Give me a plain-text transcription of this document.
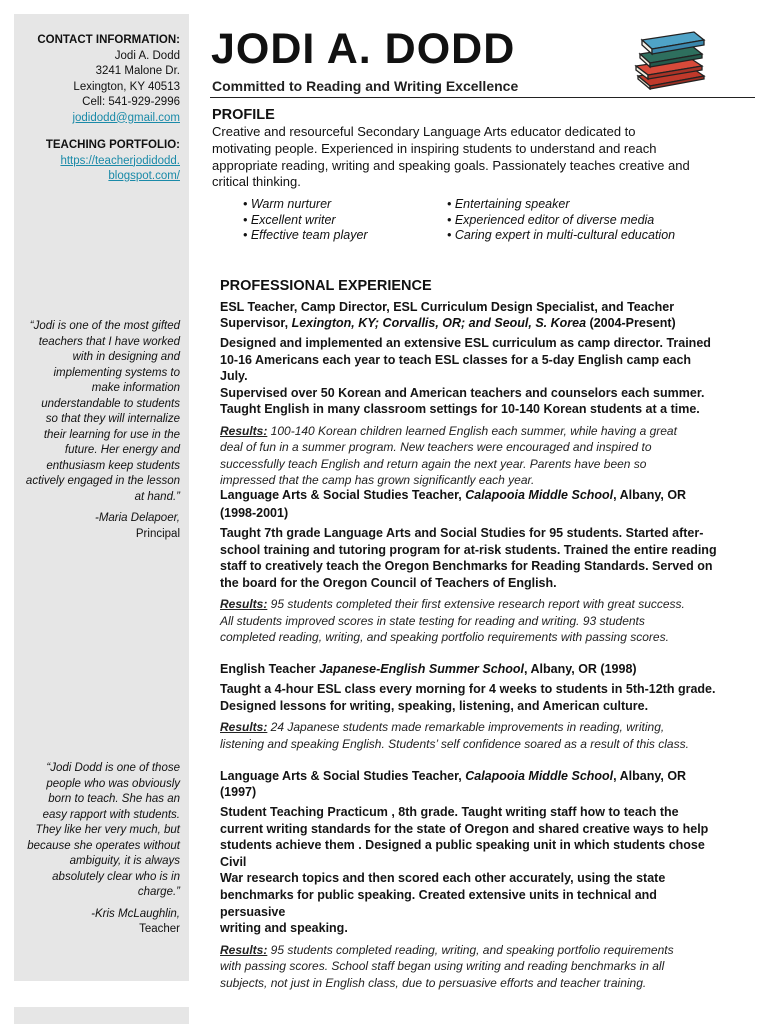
CONTACT INFORMATION:
Jodi A. Dodd
3241 Malone Dr.
Lexington, KY 40513
Cell: 541-929-2996
jodidodd@gmail.com
TEACHING PORTFOLIO:
https://teacherjodidodd.
blogspot.com/
“Jodi is one of the most gifted
teachers that I have worked
with in designing and
implementing systems to
make information
understandable to students
so that they will internalize
their learning for use in the
future. Her energy and
enthusiasm keep students
actively engaged in the lesson
at hand.”
-Maria Delapoer,
Principal
“Jodi Dodd is one of those
people who was obviously
born to teach. She has an
easy rapport with students.
They like her very much, but
because she operates without
ambiguity, it is always
absolutely clear who is in
charge.”
-Kris McLaughlin,
Teacher
JODI A. DODD
Committed to Reading and Writing Excellence
PROFILE
Creative and resourceful Secondary Language Arts educator dedicated to
motivating people. Experienced in inspiring students to understand and reach
appropriate reading, writing and speaking goals. Passionately teaches creative and
critical thinking.
• Warm nurturer
• Excellent writer
• Effective team player
• Entertaining speaker
• Experienced editor of diverse media
• Caring expert in multi-cultural education
PROFESSIONAL EXPERIENCE
ESL Teacher, Camp Director, ESL Curriculum Design Specialist, and Teacher
Supervisor, Lexington, KY; Corvallis, OR; and Seoul, S. Korea (2004-Present)
Designed and implemented an extensive ESL curriculum as camp director. Trained
10-16 Americans each year to teach ESL classes for a 5-day English camp each July.
Supervised over 50 Korean and American teachers and counselors each summer.
Taught English in many classroom settings for 10-140 Korean students at a time.
Results: 100-140 Korean children learned English each summer, while having a great
deal of fun in a summer program. New teachers were encouraged and inspired to
successfully teach English and return again the next year. Parents have been so
impressed that the camp has grown significantly each year.
Language Arts & Social Studies Teacher, Calapooia Middle School, Albany, OR
(1998-2001)
Taught 7th grade Language Arts and Social Studies for 95 students. Started after-
school training and tutoring program for at-risk students. Trained the entire reading
staff to creatively teach the Oregon Benchmarks for Reading Standards. Served on
the board for the Oregon Council of Teachers of English.
Results: 95 students completed their first extensive research report with great success.
All students improved scores in state testing for reading and writing. 93 students
completed reading, writing, and speaking portfolio requirements with passing scores.
English Teacher Japanese-English Summer School, Albany, OR (1998)
Taught a 4-hour ESL class every morning for 4 weeks to students in 5th-12th grade.
Designed lessons for writing, speaking, listening, and American culture.
Results: 24 Japanese students made remarkable improvements in reading, writing,
listening and speaking English. Students’ self confidence soared as a result of this class.
Language Arts & Social Studies Teacher, Calapooia Middle School, Albany, OR (1997)
Student Teaching Practicum , 8th grade. Taught writing staff how to teach the
current writing standards for the state of Oregon and shared creative ways to help
students achieve them . Designed a public speaking unit in which students chose Civil
War research topics and then scored each other accurately, using the state
benchmarks for public speaking. Created extensive units in technical and persuasive
writing and speaking.
Results: 95 students completed reading, writing, and speaking portfolio requirements
with passing scores. School staff began using writing and reading benchmarks in all
subjects, not just in English class, due to persuasive efforts and teacher training.
